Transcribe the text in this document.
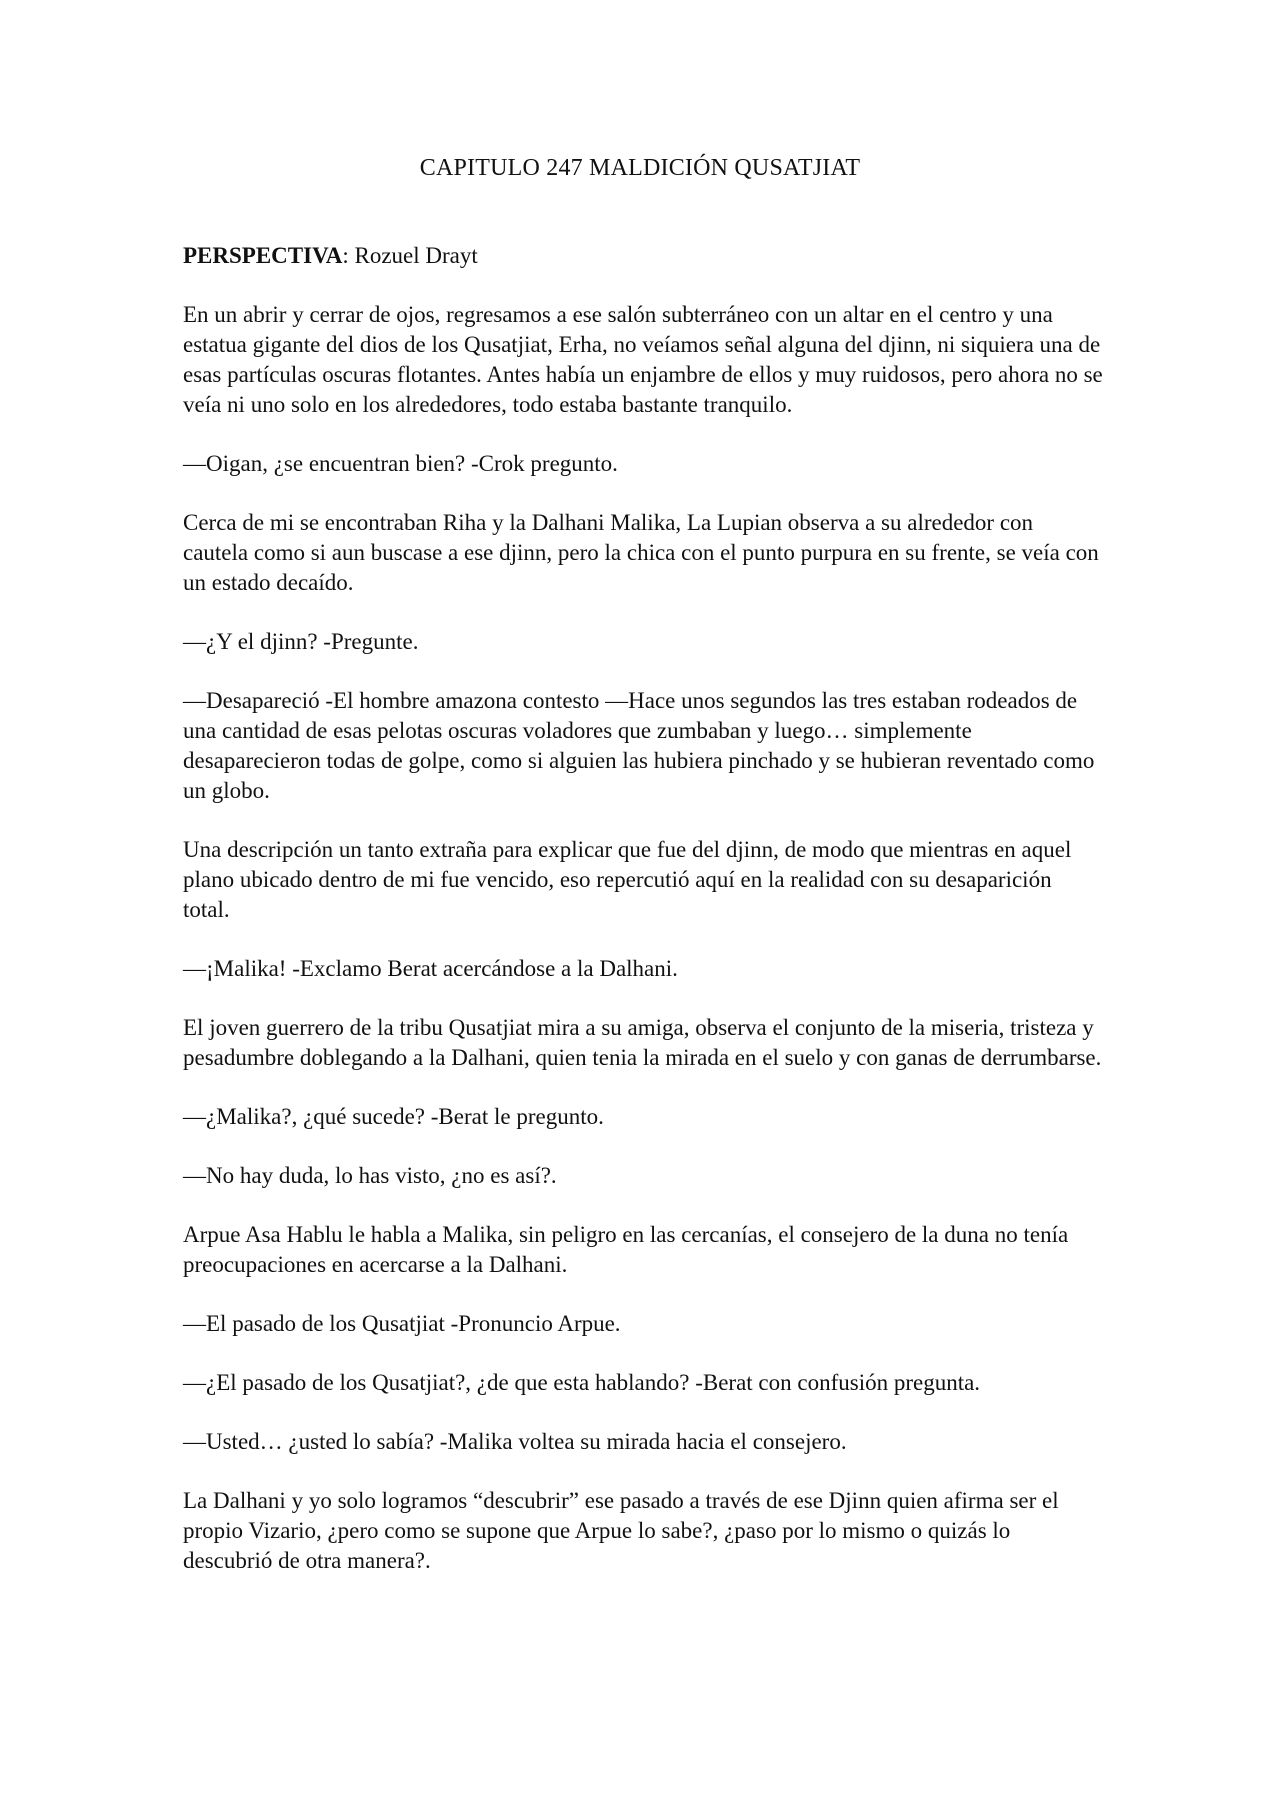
CAPITULO 247 MALDICIÓN QUSATJIAT

PERSPECTIVA: Rozuel Drayt

En un abrir y cerrar de ojos, regresamos a ese salón subterráneo con un altar en el centro y una estatua gigante del dios de los Qusatjiat, Erha, no veíamos señal alguna del djinn, ni siquiera una de esas partículas oscuras flotantes. Antes había un enjambre de ellos y muy ruidosos, pero ahora no se veía ni uno solo en los alrededores, todo estaba bastante tranquilo.

—Oigan, ¿se encuentran bien? -Crok pregunto.

Cerca de mi se encontraban Riha y la Dalhani Malika, La Lupian observa a su alrededor con cautela como si aun buscase a ese djinn, pero la chica con el punto purpura en su frente, se veía con un estado decaído.

—¿Y el djinn? -Pregunte.

—Desapareció -El hombre amazona contesto —Hace unos segundos las tres estaban rodeados de una cantidad de esas pelotas oscuras voladores que zumbaban y luego… simplemente desaparecieron todas de golpe, como si alguien las hubiera pinchado y se hubieran reventado como un globo.

Una descripción un tanto extraña para explicar que fue del djinn, de modo que mientras en aquel plano ubicado dentro de mi fue vencido, eso repercutió aquí en la realidad con su desaparición total.

—¡Malika! -Exclamo Berat acercándose a la Dalhani.

El joven guerrero de la tribu Qusatjiat mira a su amiga, observa el conjunto de la miseria, tristeza y pesadumbre doblegando a la Dalhani, quien tenia la mirada en el suelo y con ganas de derrumbarse.

—¿Malika?, ¿qué sucede? -Berat le pregunto.

—No hay duda, lo has visto, ¿no es así?.

Arpue Asa Hablu le habla a Malika, sin peligro en las cercanías, el consejero de la duna no tenía preocupaciones en acercarse a la Dalhani.

—El pasado de los Qusatjiat -Pronuncio Arpue.

—¿El pasado de los Qusatjiat?, ¿de que esta hablando? -Berat con confusión pregunta.

—Usted… ¿usted lo sabía? -Malika voltea su mirada hacia el consejero.

La Dalhani y yo solo logramos “descubrir” ese pasado a través de ese Djinn quien afirma ser el propio Vizario, ¿pero como se supone que Arpue lo sabe?, ¿paso por lo mismo o quizás lo descubrió de otra manera?.
